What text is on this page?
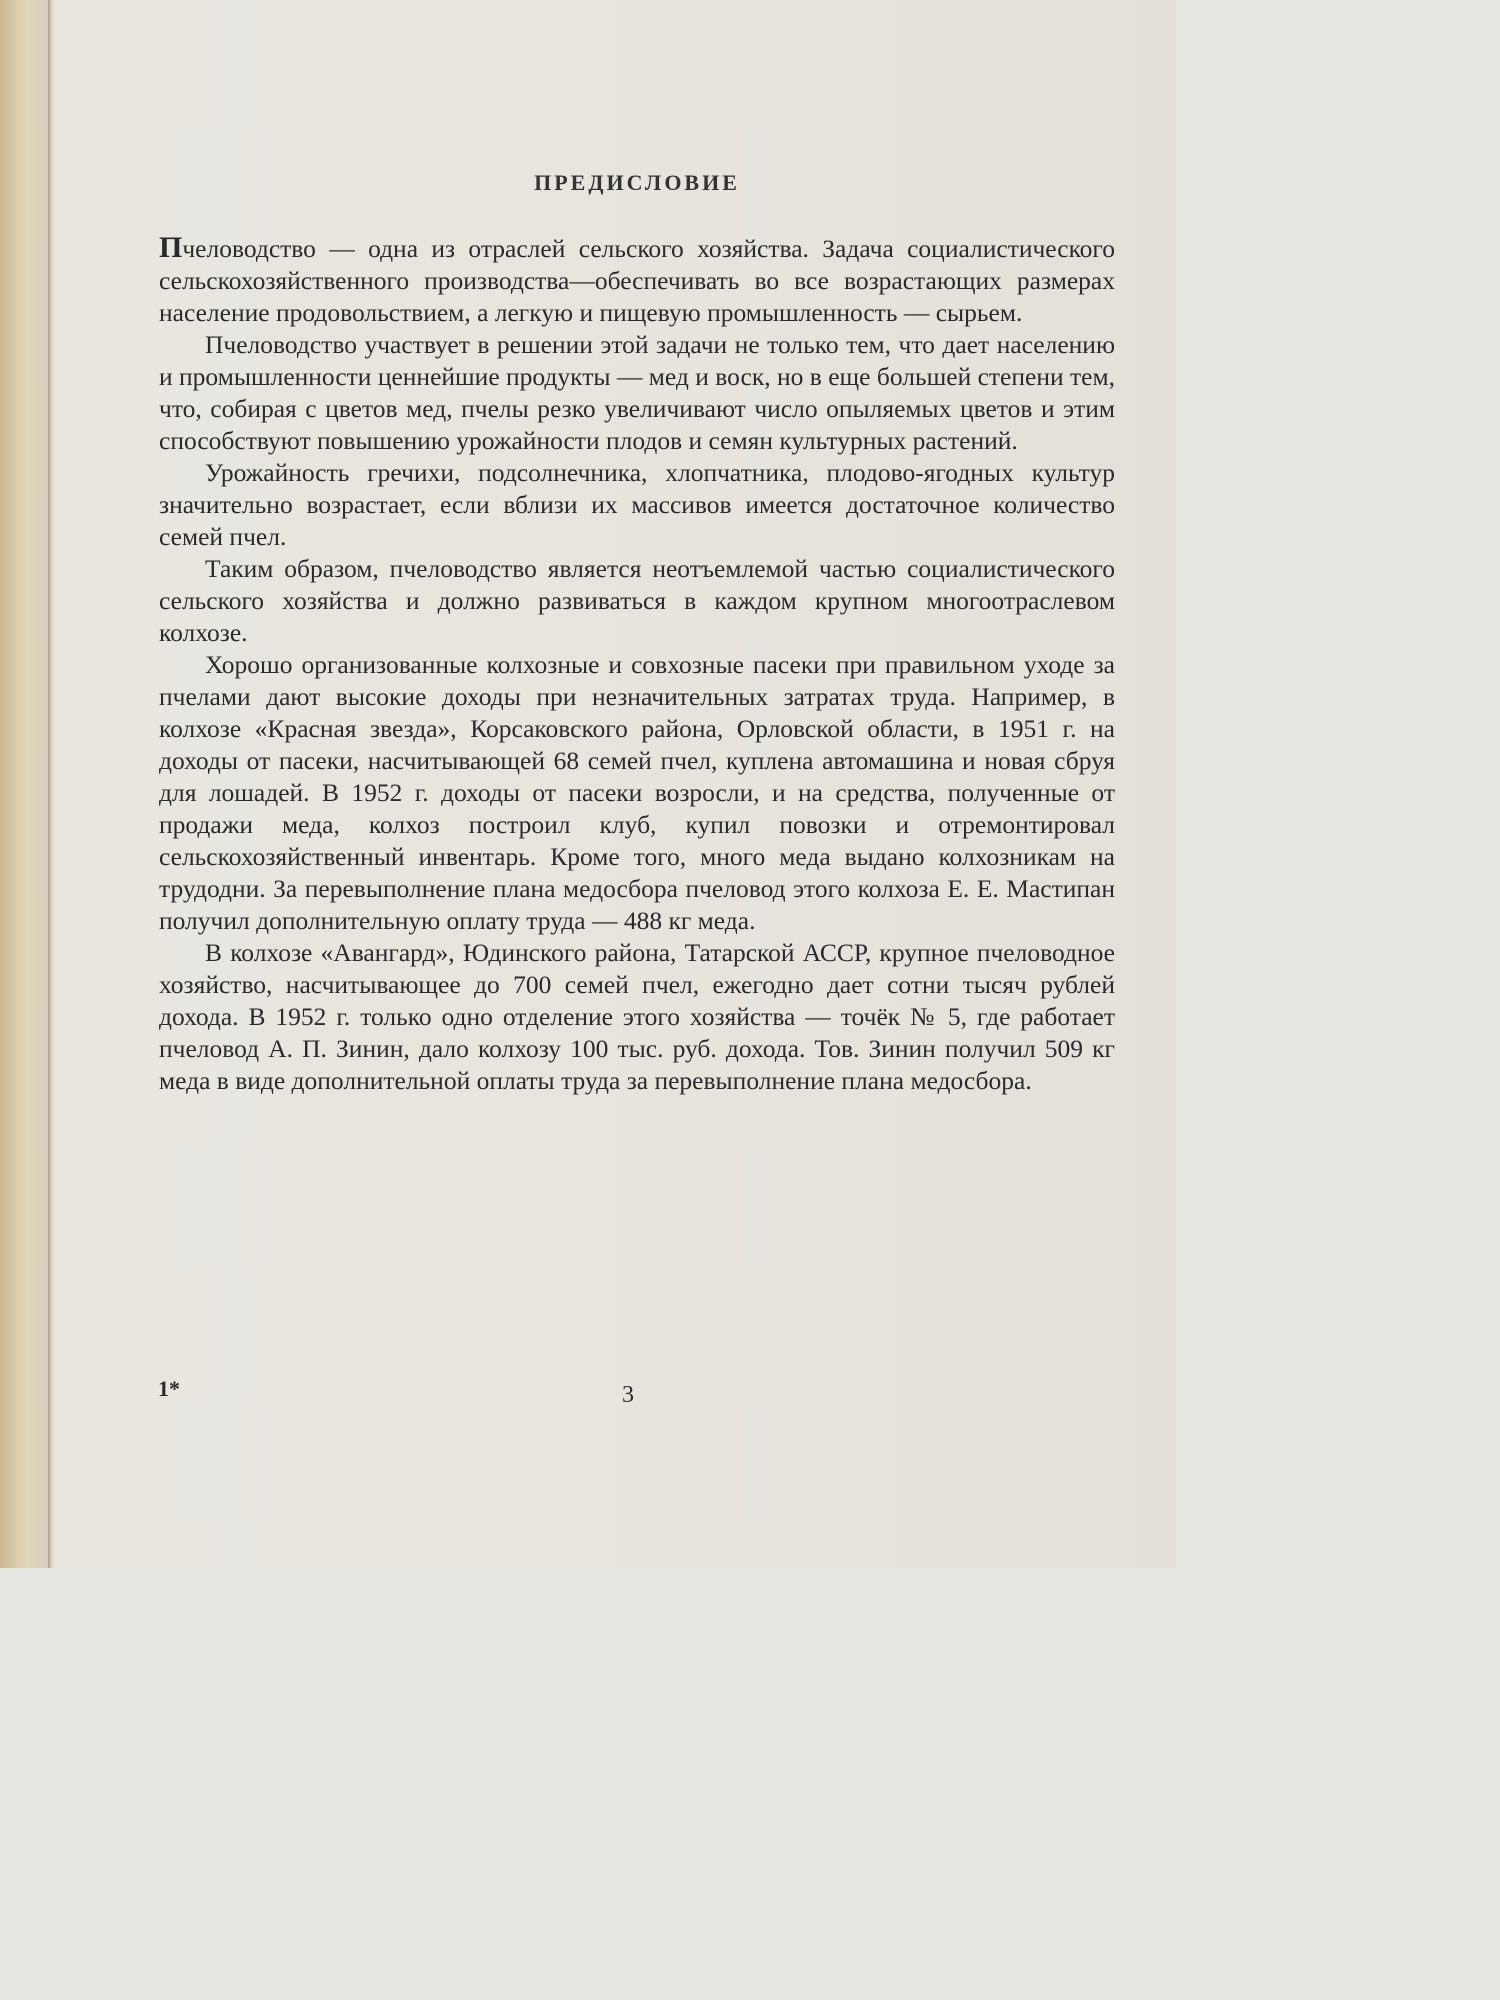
ПРЕДИСЛОВИЕ

Пчеловодство — одна из отраслей сельского хозяйства. Задача социалистического сельскохозяйственного производства—обеспечивать во все возрастающих размерах население продовольствием, а легкую и пищевую промышленность — сырьем.

Пчеловодство участвует в решении этой задачи не только тем, что дает населению и промышленности ценнейшие продукты — мед и воск, но в еще большей степени тем, что, собирая с цветов мед, пчелы резко увеличивают число опыляемых цветов и этим способствуют повышению урожайности плодов и семян культурных растений.

Урожайность гречихи, подсолнечника, хлопчатника, плодово-ягодных культур значительно возрастает, если вблизи их массивов имеется достаточное количество семей пчел.

Таким образом, пчеловодство является неотъемлемой частью социалистического сельского хозяйства и должно развиваться в каждом крупном многоотраслевом колхозе.

Хорошо организованные колхозные и совхозные пасеки при правильном уходе за пчелами дают высокие доходы при незначительных затратах труда. Например, в колхозе «Красная звезда», Корсаковского района, Орловской области, в 1951 г. на доходы от пасеки, насчитывающей 68 семей пчел, куплена автомашина и новая сбруя для лошадей. В 1952 г. доходы от пасеки возросли, и на средства, полученные от продажи меда, колхоз построил клуб, купил повозки и отремонтировал сельскохозяйственный инвентарь. Кроме того, много меда выдано колхозникам на трудодни. За перевыполнение плана медосбора пчеловод этого колхоза Е. Е. Мастипан получил дополнительную оплату труда — 488 кг меда.

В колхозе «Авангард», Юдинского района, Татарской АССР, крупное пчеловодное хозяйство, насчитывающее до 700 семей пчел, ежегодно дает сотни тысяч рублей дохода. В 1952 г. только одно отделение этого хозяйства — точёк № 5, где работает пчеловод А. П. Зинин, дало колхозу 100 тыс. руб. дохода. Тов. Зинин получил 509 кг меда в виде дополнительной оплаты труда за перевыполнение плана медосбора.

1*	3
